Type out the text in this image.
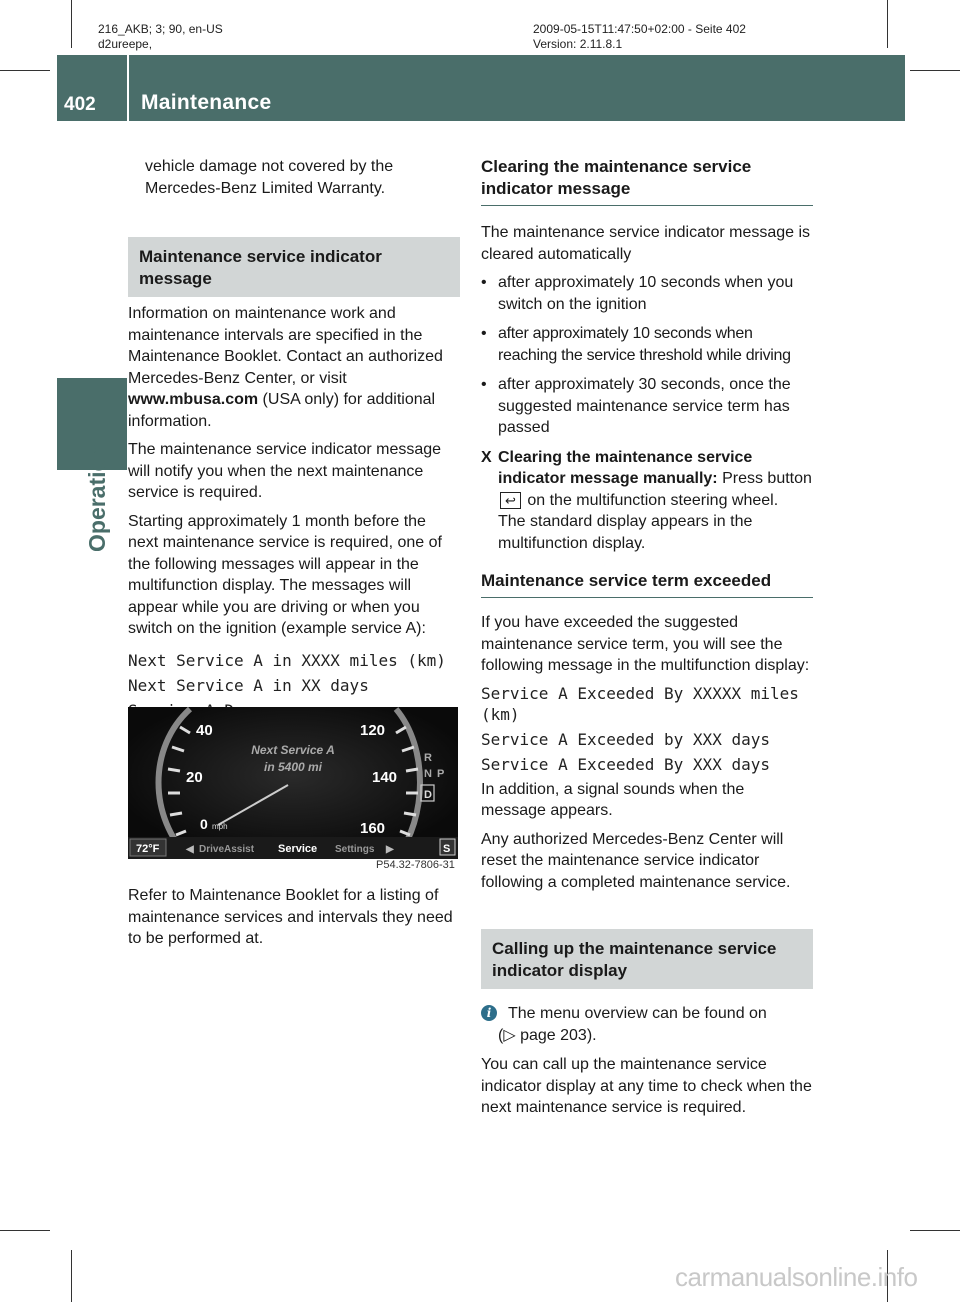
216_AKB; 3; 90, en-US
d2ureepe,
2009-05-15T11:47:50+02:00 - Seite 402
Version: 2.11.8.1
402 Maintenance
Operation
vehicle damage not covered by the
Mercedes-Benz Limited Warranty.
Maintenance service indicator
message

Information on maintenance work and maintenance intervals are specified in the Maintenance Booklet. Contact an authorized Mercedes-Benz Center, or visit www.mbusa.com (USA only) for additional information.

The maintenance service indicator message will notify you when the next maintenance service is required.

Starting approximately 1 month before the next maintenance service is required, one of the following messages will appear in the multifunction display. The messages will appear while you are driving or when you switch on the ignition (example service A):

Next Service A in XXXX miles (km)
Next Service A in XX days
40	120
20	140
160
0 mph
Next Service A
in 5400 mi
R
N P
D
72°F	◀ DriveAssist Service Settings ▶	S
P54.32-7806-31

Refer to Maintenance Booklet for a listing of maintenance services and intervals they need to be performed at.

Clearing the maintenance service
indicator message

The maintenance service indicator message is cleared automatically

• after approximately 10 seconds when you switch on the ignition
• after approximately 10 seconds when reaching the service threshold while driving
• after approximately 30 seconds, once the suggested maintenance service term has passed
X Clearing the maintenance service indicator message manually: Press button ↩ on the multifunction steering wheel.
The standard display appears in the multifunction display.
Maintenance service term exceeded

If you have exceeded the suggested maintenance service term, you will see the following message in the multifunction display:

Service A Exceeded By XXXXX miles (km)
Service A Exceeded by XXX days
Service A Exceeded By XXX days

In addition, a signal sounds when the message appears.

Any authorized Mercedes-Benz Center will reset the maintenance service indicator following a completed maintenance service.

Calling up the maintenance service
indicator display
i	The menu overview can be found on
(▷ page 203).

You can call up the maintenance service indicator display at any time to check when the next maintenance service is required.

carmanualsonline.info
